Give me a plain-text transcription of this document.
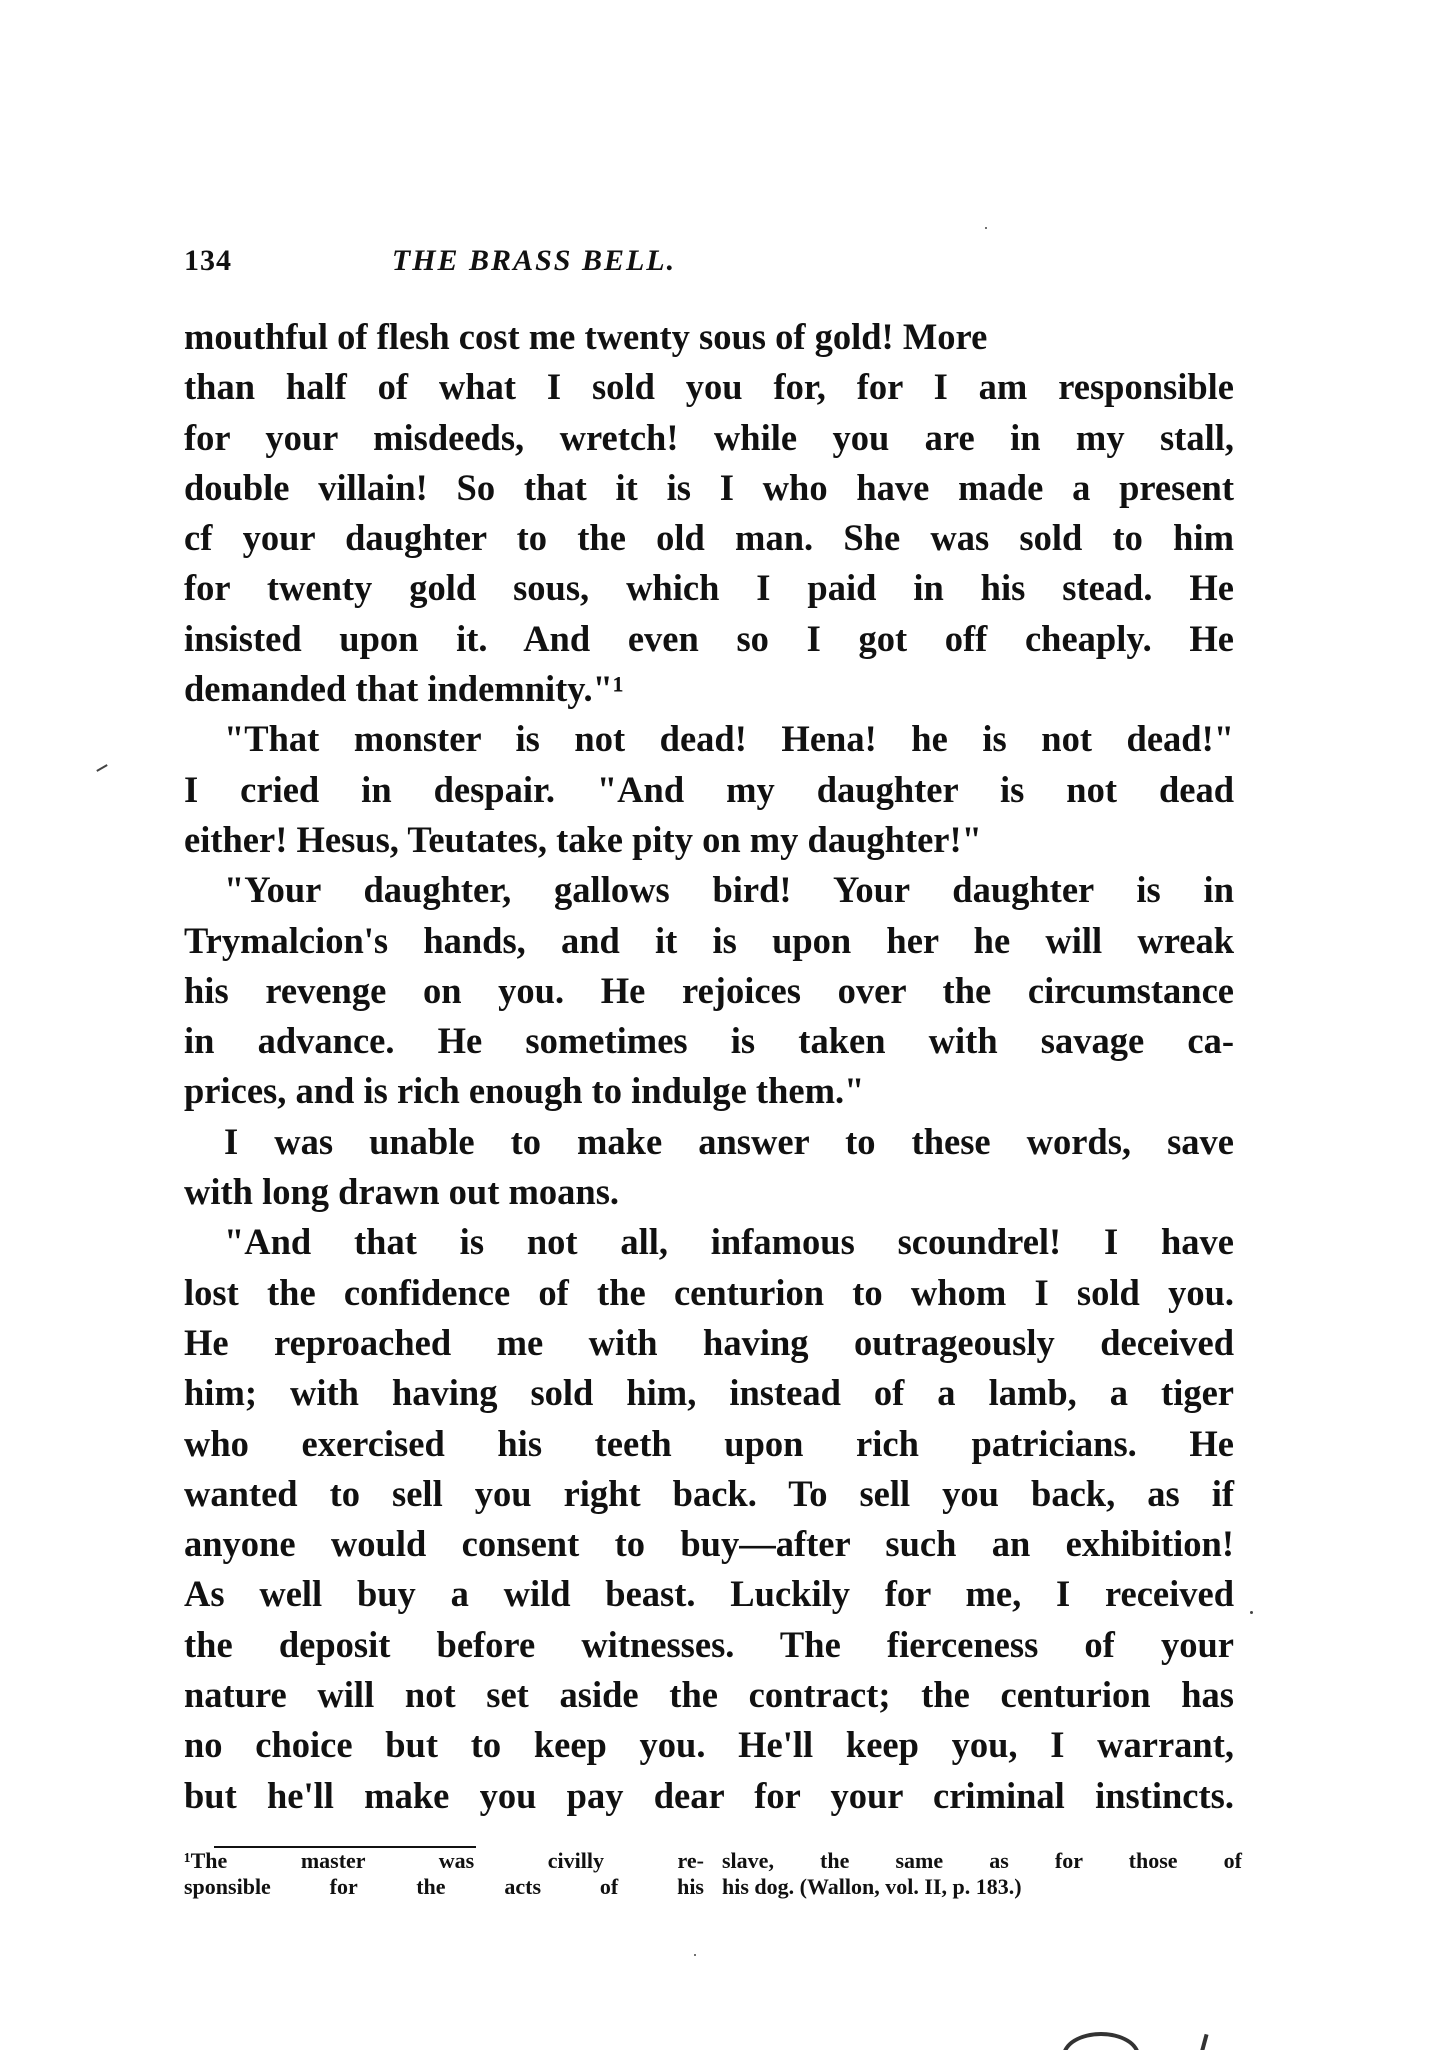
134	THE BRASS BELL.
mouthful of flesh cost me twenty sous of gold! More
than half of what I sold you for, for I am responsible
for your misdeeds, wretch! while you are in my stall,
double villain! So that it is I who have made a present
cf your daughter to the old man. She was sold to him
for twenty gold sous, which I paid in his stead. He
insisted upon it. And even so I got off cheaply. He
demanded that indemnity."¹
"That monster is not dead! Hena! he is not dead!"
I cried in despair. "And my daughter is not dead
either! Hesus, Teutates, take pity on my daughter!"
"Your daughter, gallows bird! Your daughter is in
Trymalcion's hands, and it is upon her he will wreak
his revenge on you. He rejoices over the circumstance
in advance. He sometimes is taken with savage ca-
prices, and is rich enough to indulge them."
I was unable to make answer to these words, save
with long drawn out moans.
"And that is not all, infamous scoundrel! I have
lost the confidence of the centurion to whom I sold you.
He reproached me with having outrageously deceived
him; with having sold him, instead of a lamb, a tiger
who exercised his teeth upon rich patricians. He
wanted to sell you right back. To sell you back, as if
anyone would consent to buy—after such an exhibition!
As well buy a wild beast. Luckily for me, I received
the deposit before witnesses. The fierceness of your
nature will not set aside the contract; the centurion has
no choice but to keep you. He'll keep you, I warrant,
but he'll make you pay dear for your criminal instincts.
¹The master was civilly re-
sponsible for the acts of his
slave, the same as for those of
his dog. (Wallon, vol. II, p. 183.)
